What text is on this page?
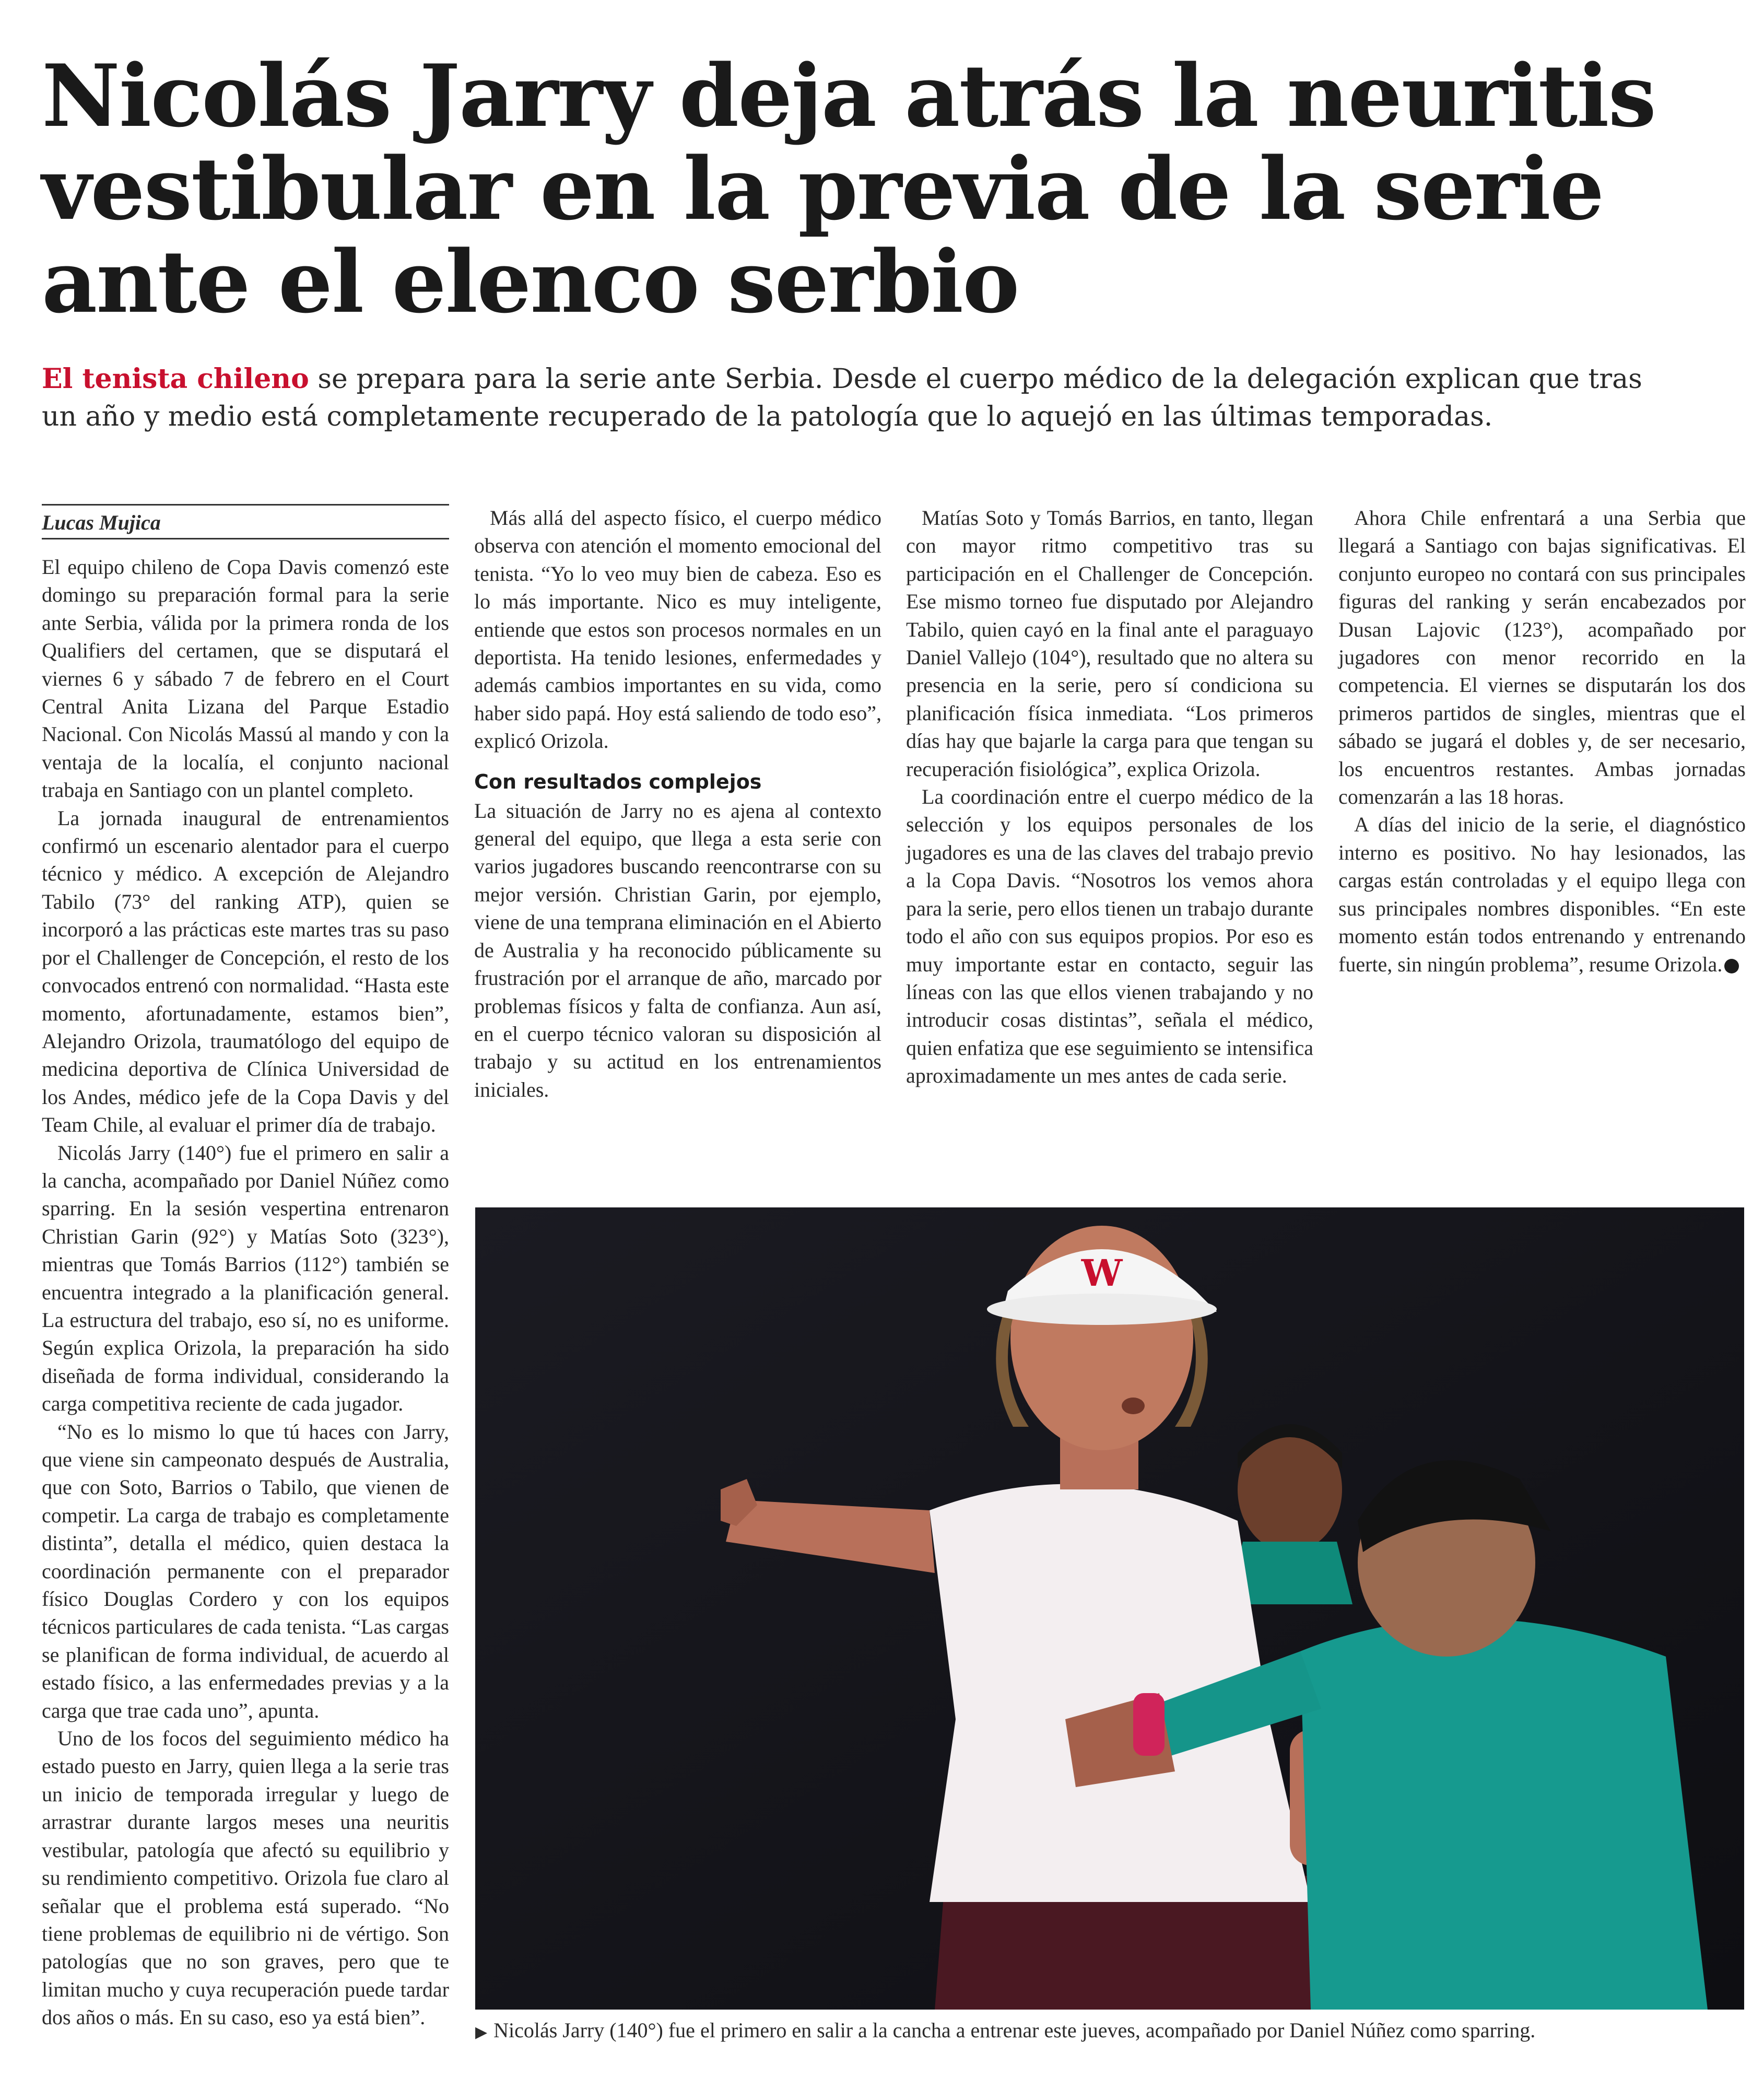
Nicolás Jarry deja atrás la neuritis
vestibular en la previa de la serie
ante el elenco serbio
El tenista chileno se prepara para la serie ante Serbia. Desde el cuerpo médico de la delegación explican que tras
un año y medio está completamente recuperado de la patología que lo aquejó en las últimas temporadas.
Lucas Mujica

El equipo chileno de Copa Davis comenzó este domingo su preparación formal para la serie ante Serbia, válida por la primera ronda de los Qualifiers del certamen, que se disputará el viernes 6 y sábado 7 de febrero en el Court Central Anita Lizana del Parque Estadio Nacional. Con Nicolás Massú al mando y con la ventaja de la localía, el conjunto nacional trabaja en Santiago con un plantel completo.

La jornada inaugural de entrenamientos confirmó un escenario alentador para el cuerpo técnico y médico. A excepción de Alejandro Tabilo (73° del ranking ATP), quien se incorporó a las prácticas este martes tras su paso por el Challenger de Concepción, el resto de los convocados entrenó con normalidad. “Hasta este momento, afortunadamente, estamos bien”, Alejandro Orizola, traumatólogo del equipo de medicina deportiva de Clínica Universidad de los Andes, médico jefe de la Copa Davis y del Team Chile, al evaluar el primer día de trabajo.

Nicolás Jarry (140°) fue el primero en salir a la cancha, acompañado por Daniel Núñez como sparring. En la sesión vespertina entrenaron Christian Garin (92°) y Matías Soto (323°), mientras que Tomás Barrios (112°) también se encuentra integrado a la planificación general. La estructura del trabajo, eso sí, no es uniforme. Según explica Orizola, la preparación ha sido diseñada de forma individual, considerando la carga competitiva reciente de cada jugador.

“No es lo mismo lo que tú haces con Jarry, que viene sin campeonato después de Australia, que con Soto, Barrios o Tabilo, que vienen de competir. La carga de trabajo es completamente distinta”, detalla el médico, quien destaca la coordinación permanente con el preparador físico Douglas Cordero y con los equipos técnicos particulares de cada tenista. “Las cargas se planifican de forma individual, de acuerdo al estado físico, a las enfermedades previas y a la carga que trae cada uno”, apunta.

Uno de los focos del seguimiento médico ha estado puesto en Jarry, quien llega a la serie tras un inicio de temporada irregular y luego de arrastrar durante largos meses una neuritis vestibular, patología que afectó su equilibrio y su rendimiento competitivo. Orizola fue claro al señalar que el problema está superado. “No tiene problemas de equilibrio ni de vértigo. Son patologías que no son graves, pero que te limitan mucho y cuya recuperación puede tardar dos años o más. En su caso, eso ya está bien”.

Más allá del aspecto físico, el cuerpo médico observa con atención el momento emocional del tenista. “Yo lo veo muy bien de cabeza. Eso es lo más importante. Nico es muy inteligente, entiende que estos son procesos normales en un deportista. Ha tenido lesiones, enfermedades y además cambios importantes en su vida, como haber sido papá. Hoy está saliendo de todo eso”, explicó Orizola.

Con resultados complejos

La situación de Jarry no es ajena al contexto general del equipo, que llega a esta serie con varios jugadores buscando reencontrarse con su mejor versión. Christian Garin, por ejemplo, viene de una temprana eliminación en el Abierto de Australia y ha reconocido públicamente su frustración por el arranque de año, marcado por problemas físicos y falta de confianza. Aun así, en el cuerpo técnico valoran su disposición al trabajo y su actitud en los entrenamientos iniciales.

Matías Soto y Tomás Barrios, en tanto, llegan con mayor ritmo competitivo tras su participación en el Challenger de Concepción. Ese mismo torneo fue disputado por Alejandro Tabilo, quien cayó en la final ante el paraguayo Daniel Vallejo (104°), resultado que no altera su presencia en la serie, pero sí condiciona su planificación física inmediata. “Los primeros días hay que bajarle la carga para que tengan su recuperación fisiológica”, explica Orizola.

La coordinación entre el cuerpo médico de la selección y los equipos personales de los jugadores es una de las claves del trabajo previo a la Copa Davis. “Nosotros los vemos ahora para la serie, pero ellos tienen un trabajo durante todo el año con sus equipos propios. Por eso es muy importante estar en contacto, seguir las líneas con las que ellos vienen trabajando y no introducir cosas distintas”, señala el médico, quien enfatiza que ese seguimiento se intensifica aproximadamente un mes antes de cada serie.

Ahora Chile enfrentará a una Serbia que llegará a Santiago con bajas significativas. El conjunto europeo no contará con sus principales figuras del ranking y serán encabezados por Dusan Lajovic (123°), acompañado por jugadores con menor recorrido en la competencia. El viernes se disputarán los dos primeros partidos de singles, mientras que el sábado se jugará el dobles y, de ser necesario, los encuentros restantes. Ambas jornadas comenzarán a las 18 horas.

A días del inicio de la serie, el diagnóstico interno es positivo. No hay lesionados, las cargas están controladas y el equipo llega con sus principales nombres disponibles. “En este momento están todos entrenando y entrenando fuerte, sin ningún problema”, resume Orizola.

W
▶ Nicolás Jarry (140°) fue el primero en salir a la cancha a entrenar este jueves, acompañado por Daniel Núñez como sparring.
